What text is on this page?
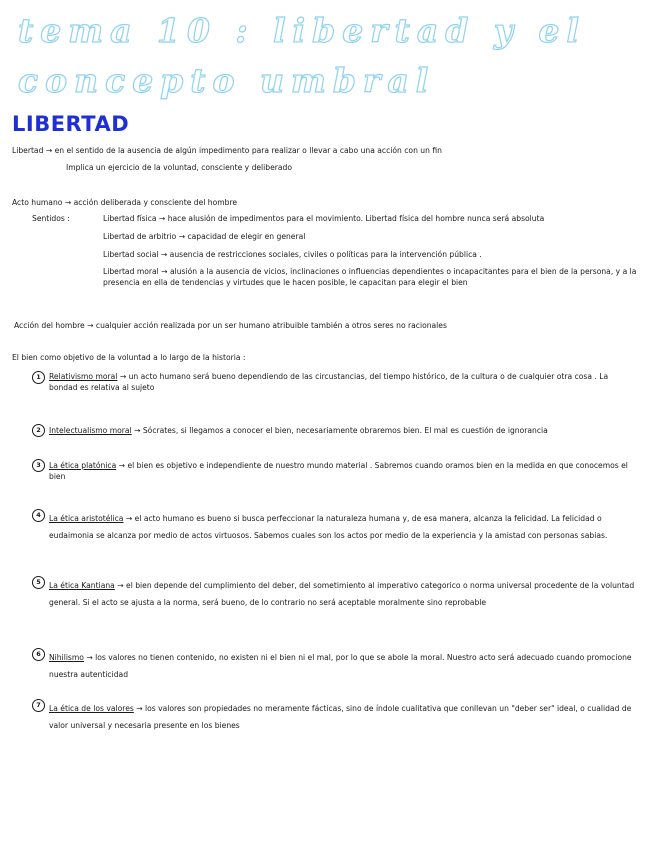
tema 10 : libertad y el concepto umbral
LIBERTAD
Libertad → en el sentido de la ausencia de algún impedimento para realizar o llevar a cabo una acción con un fin
Implica un ejercicio de la voluntad, consciente y deliberado
Acto humano → acción deliberada y consciente del hombre
Sentidos :	Libertad física → hace alusión de impedimentos para el movimiento. Libertad física del hombre nunca será absoluta
Libertad de arbitrio → capacidad de elegir en general
Libertad social → ausencia de restricciones sociales, civiles o políticas para la intervención pública .
Libertad moral → alusión a la ausencia de vicios, inclinaciones o influencias dependientes o incapacitantes para el bien de la persona, y a la presencia en ella de tendencias y virtudes que le hacen posible, le capacitan para elegir el bien
Acción del hombre → cualquier acción realizada por un ser humano atribuible también a otros seres no racionales
El bien como objetivo de la voluntad a lo largo de la historia :
1	Relativismo moral → un acto humano será bueno dependiendo de las circustancias, del tiempo histórico, de la cultura o de cualquier otra cosa . La bondad es relativa al sujeto
2	Intelectualismo moral → Sócrates, si llegamos a conocer el bien, necesariamente obraremos bien. El mal es cuestión de ignorancia
3	La ética platónica → el bien es objetivo e independiente de nuestro mundo material . Sabremos cuando oramos bien en la medida en que conocemos el bien
4	La ética aristotélica → el acto humano es bueno si busca perfeccionar la naturaleza humana y, de esa manera, alcanza la felicidad. La felicidad o eudaimonia se alcanza por medio de actos virtuosos. Sabemos cuales son los actos por medio de la experiencia y la amistad con personas sabias.
5	La ética Kantiana → el bien depende del cumplimiento del deber, del sometimiento al imperativo categorico o norma universal procedente de la voluntad general. Si el acto se ajusta a la norma, será bueno, de lo contrario no será aceptable moralmente sino reprobable
6	Nihilismo → los valores no tienen contenido, no existen ni el bien ni el mal, por lo que se abole la moral. Nuestro acto será adecuado cuando promocione nuestra autenticidad
7	La ética de los valores → los valores son propiedades no meramente fácticas, sino de índole cualitativa que conllevan un "deber ser" ideal, o cualidad de valor universal y necesaria presente en los bienes
